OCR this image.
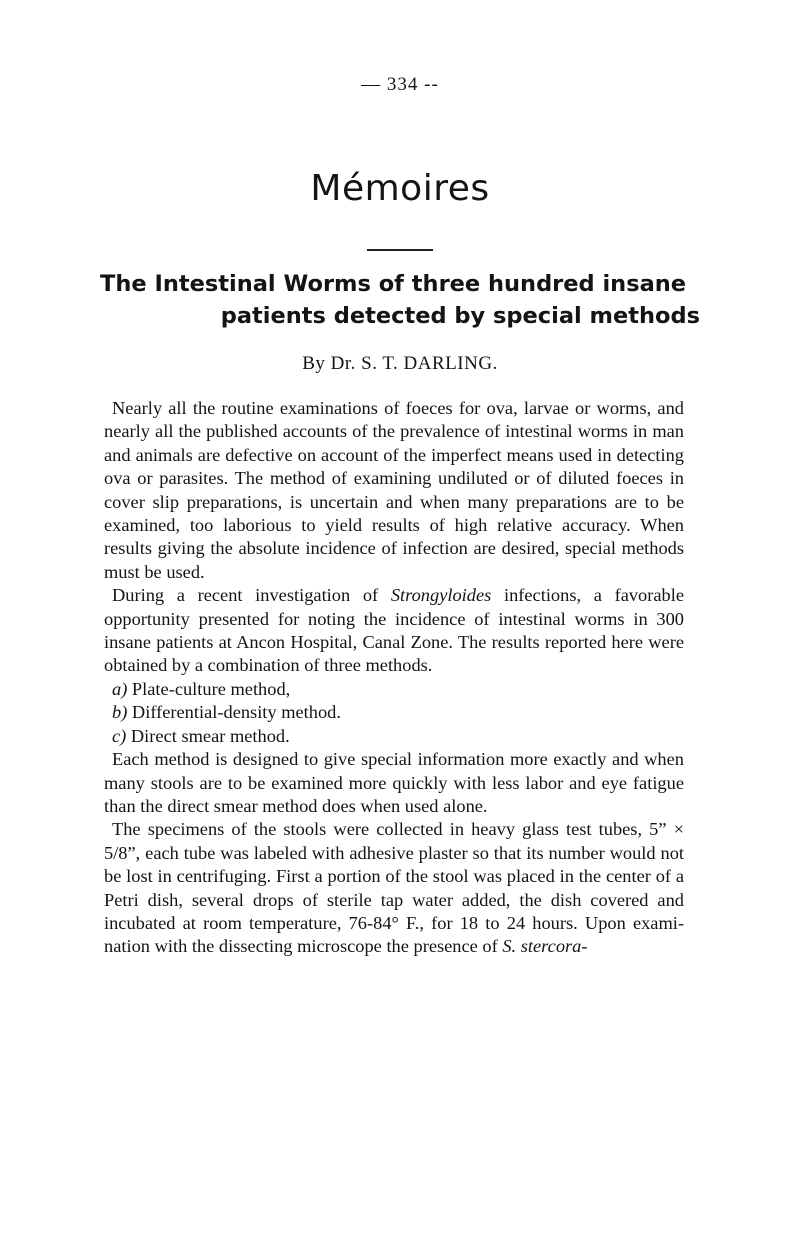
— 334 --
Mémoires
The Intestinal Worms of three hundred insane
patients detected by special methods
By Dr. S. T. DARLING.

Nearly all the routine examinations of foeces for ova, larvae or worms, and nearly all the published accounts of the prevalence of intestinal worms in man and animals are defective on account of the imperfect means used in detecting ova or parasites. The method of examining undiluted or of diluted foeces in cover slip preparations, is uncertain and when many preparations are to be examined, too laborious to yield results of high relative accuracy. When results giving the absolute incidence of infection are desired, special methods must be used.

During a recent investigation of Strongyloides infections, a favorable opportunity presented for noting the incidence of intestinal worms in 300 insane patients at Ancon Hospital, Canal Zone. The results reported here were obtained by a combination of three methods.

a) Plate-culture method,

b) Differential-density method.

c) Direct smear method.

Each method is designed to give special information more exactly and when many stools are to be examined more quickly with less labor and eye fatigue than the direct smear method does when used alone.

The specimens of the stools were collected in heavy glass test tubes, 5” × 5/8”, each tube was labeled with adhesive plaster so that its number would not be lost in centrifuging. First a portion of the stool was placed in the center of a Petri dish, several drops of sterile tap water added, the dish covered and incubated at room temperature, 76-84° F., for 18 to 24 hours. Upon examination with the dissecting microscope the presence of S. stercora-
